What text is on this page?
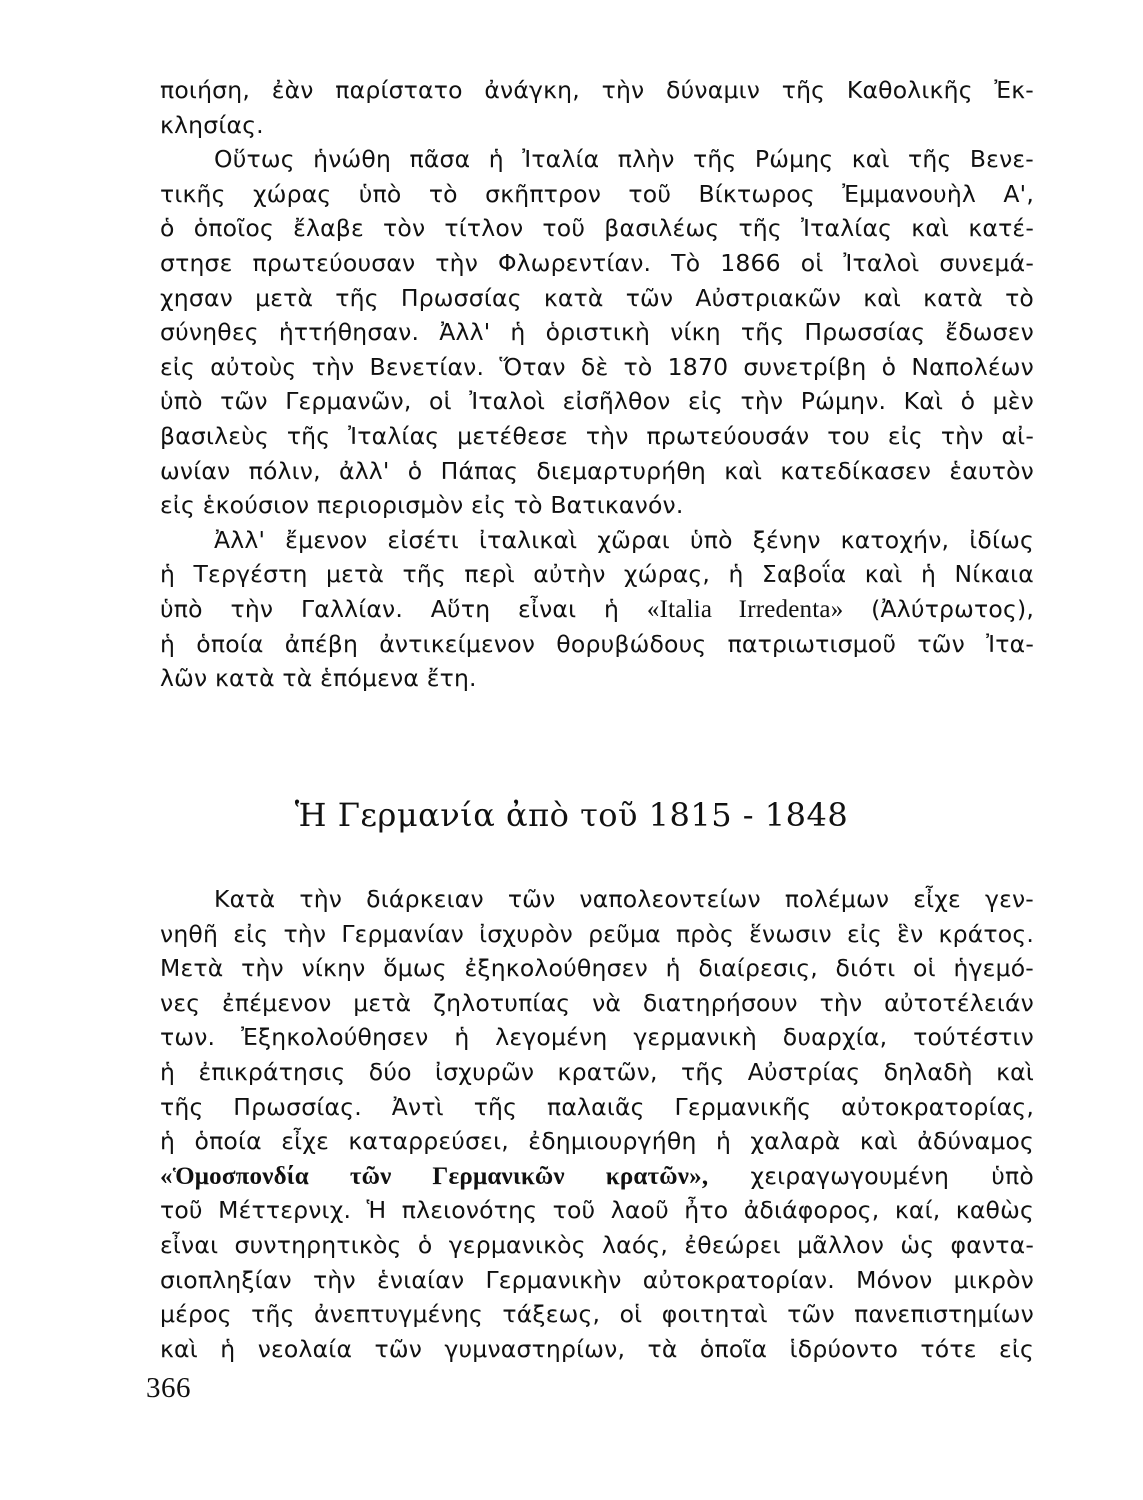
ποιήση, ἐὰν παρίστατο ἀνάγκη, τὴν δύναμιν τῆς Καθολικῆς Ἐκ-
κλησίας.
Οὕτως ἡνώθη πᾶσα ἡ Ἰταλία πλὴν τῆς Ρώμης καὶ τῆς Βενε-
τικῆς χώρας ὑπὸ τὸ σκῆπτρον τοῦ Βίκτωρος Ἐμμανουὴλ Α',
ὁ ὁποῖος ἔλαβε τὸν τίτλον τοῦ βασιλέως τῆς Ἰταλίας καὶ κατέ-
στησε πρωτεύουσαν τὴν Φλωρεντίαν. Τὸ 1866 οἱ Ἰταλοὶ συνεμά-
χησαν μετὰ τῆς Πρωσσίας κατὰ τῶν Αὐστριακῶν καὶ κατὰ τὸ
σύνηθες ἡττήθησαν. Ἀλλ' ἡ ὁριστικὴ νίκη τῆς Πρωσσίας ἔδωσεν
εἰς αὐτοὺς τὴν Βενετίαν. Ὅταν δὲ τὸ 1870 συνετρίβη ὁ Ναπολέων
ὑπὸ τῶν Γερμανῶν, οἱ Ἰταλοὶ εἰσῆλθον εἰς τὴν Ρώμην. Καὶ ὁ μὲν
βασιλεὺς τῆς Ἰταλίας μετέθεσε τὴν πρωτεύουσάν του εἰς τὴν αἰ-
ωνίαν πόλιν, ἀλλ' ὁ Πάπας διεμαρτυρήθη καὶ κατεδίκασεν ἑαυτὸν
εἰς ἑκούσιον περιορισμὸν εἰς τὸ Βατικανόν.
Ἀλλ' ἔμενον εἰσέτι ἰταλικαὶ χῶραι ὑπὸ ξένην κατοχήν, ἰδίως
ἡ Τεργέστη μετὰ τῆς περὶ αὐτὴν χώρας, ἡ Σαβοΐα καὶ ἡ Νίκαια
ὑπὸ τὴν Γαλλίαν. Αὕτη εἶναι ἡ «Italia Irredenta» (Ἀλύτρωτος),
ἡ ὁποία ἀπέβη ἀντικείμενον θορυβώδους πατριωτισμοῦ τῶν Ἰτα-
λῶν κατὰ τὰ ἑπόμενα ἔτη.
Ἡ Γερμανία ἀπὸ τοῦ 1815 - 1848
Κατὰ τὴν διάρκειαν τῶν ναπολεοντείων πολέμων εἶχε γεν-
νηθῆ εἰς τὴν Γερμανίαν ἰσχυρὸν ρεῦμα πρὸς ἕνωσιν εἰς ἓν κράτος.
Μετὰ τὴν νίκην ὅμως ἐξηκολούθησεν ἡ διαίρεσις, διότι οἱ ἡγεμό-
νες ἐπέμενον μετὰ ζηλοτυπίας νὰ διατηρήσουν τὴν αὐτοτέλειάν
των. Ἐξηκολούθησεν ἡ λεγομένη γερμανικὴ δυαρχία, τούτέστιν
ἡ ἐπικράτησις δύο ἰσχυρῶν κρατῶν, τῆς Αὐστρίας δηλαδὴ καὶ
τῆς Πρωσσίας. Ἀντὶ τῆς παλαιᾶς Γερμανικῆς αὐτοκρατορίας,
ἡ ὁποία εἶχε καταρρεύσει, ἐδημιουργήθη ἡ χαλαρὰ καὶ ἀδύναμος
«Ὁμοσπονδία τῶν Γερμανικῶν κρατῶν», χειραγωγουμένη ὑπὸ
τοῦ Μέττερνιχ. Ἡ πλειονότης τοῦ λαοῦ ἦτο ἀδιάφορος, καί, καθὼς
εἶναι συντηρητικὸς ὁ γερμανικὸς λαός, ἐθεώρει μᾶλλον ὡς φαντα-
σιοπληξίαν τὴν ἑνιαίαν Γερμανικὴν αὐτοκρατορίαν. Μόνον μικρὸν
μέρος τῆς ἀνεπτυγμένης τάξεως, οἱ φοιτηταὶ τῶν πανεπιστημίων
καὶ ἡ νεολαία τῶν γυμναστηρίων, τὰ ὁποῖα ἱδρύοντο τότε εἰς
366
